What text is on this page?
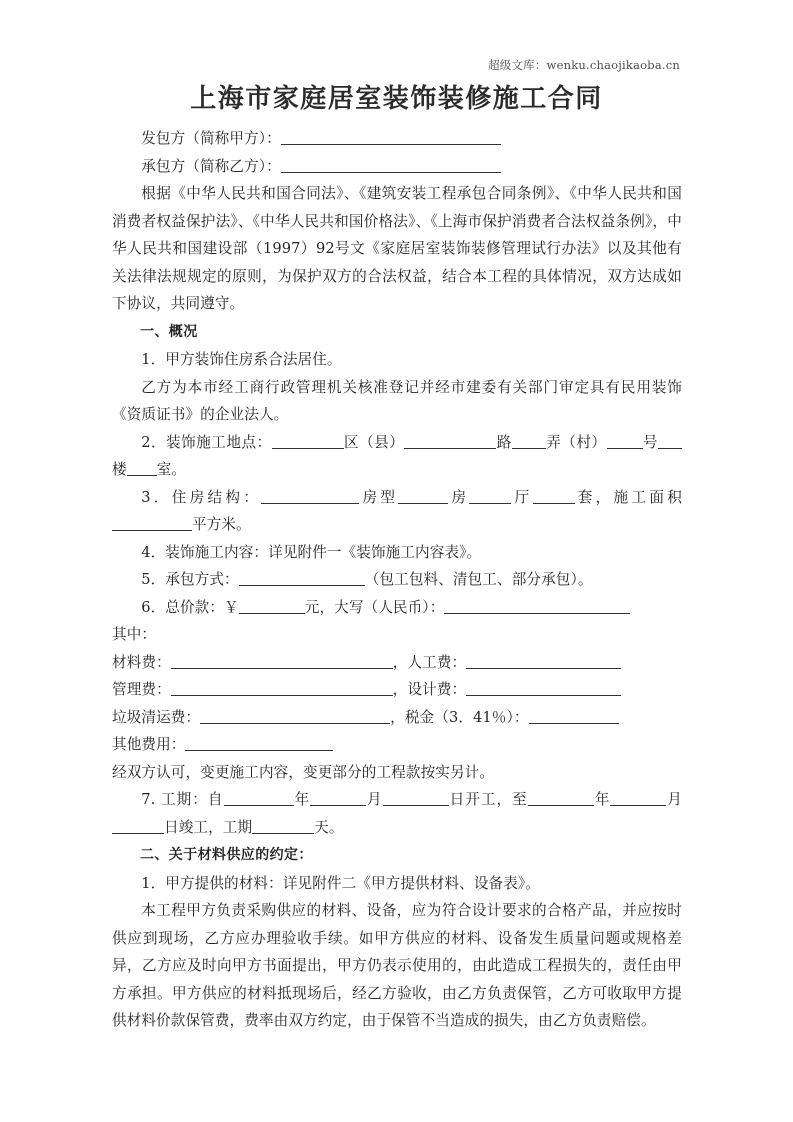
超级文库：wenku.chaojikaoba.cn
上海市家庭居室装饰装修施工合同

发包方（简称甲方）：

承包方（简称乙方）：

根据《中华人民共和国合同法》、《建筑安装工程承包合同条例》、《中华人民共和国消费者权益保护法》、《中华人民共和国价格法》、《上海市保护消费者合法权益条例》，中华人民共和国建设部（1997）92号文《家庭居室装饰装修管理试行办法》以及其他有关法律法规规定的原则，为保护双方的合法权益，结合本工程的具体情况，双方达成如下协议，共同遵守。

一、概况

1．甲方装饰住房系合法居住。

乙方为本市经工商行政管理机关核准登记并经市建委有关部门审定具有民用装饰《资质证书》的企业法人。

2．装饰施工地点：	区（县）	路 弄（村） 号楼 室。

3．住房结构：	房型	房	厅	套，施工面积平方米。

4．装饰施工内容：详见附件一《装饰施工内容表》。

5．承包方式：	（包工包料、清包工、部分承包）。

6．总价款：￥	元，大写（人民币）：

其中：

材料费：	，人工费：

管理费：	，设计费：

垃圾清运费：	，税金（3．41％）：

其他费用：

经双方认可，变更施工内容，变更部分的工程款按实另计。

7. 工期：自	年	月	日开工，至	年	月日竣工，工期	天。

二、关于材料供应的约定：

1．甲方提供的材料：详见附件二《甲方提供材料、设备表》。

本工程甲方负责采购供应的材料、设备，应为符合设计要求的合格产品，并应按时供应到现场，乙方应办理验收手续。如甲方供应的材料、设备发生质量问题或规格差异，乙方应及时向甲方书面提出，甲方仍表示使用的，由此造成工程损失的，责任由甲方承担。甲方供应的材料抵现场后，经乙方验收，由乙方负责保管，乙方可收取甲方提供材料价款保管费，费率由双方约定，由于保管不当造成的损失，由乙方负责赔偿。
